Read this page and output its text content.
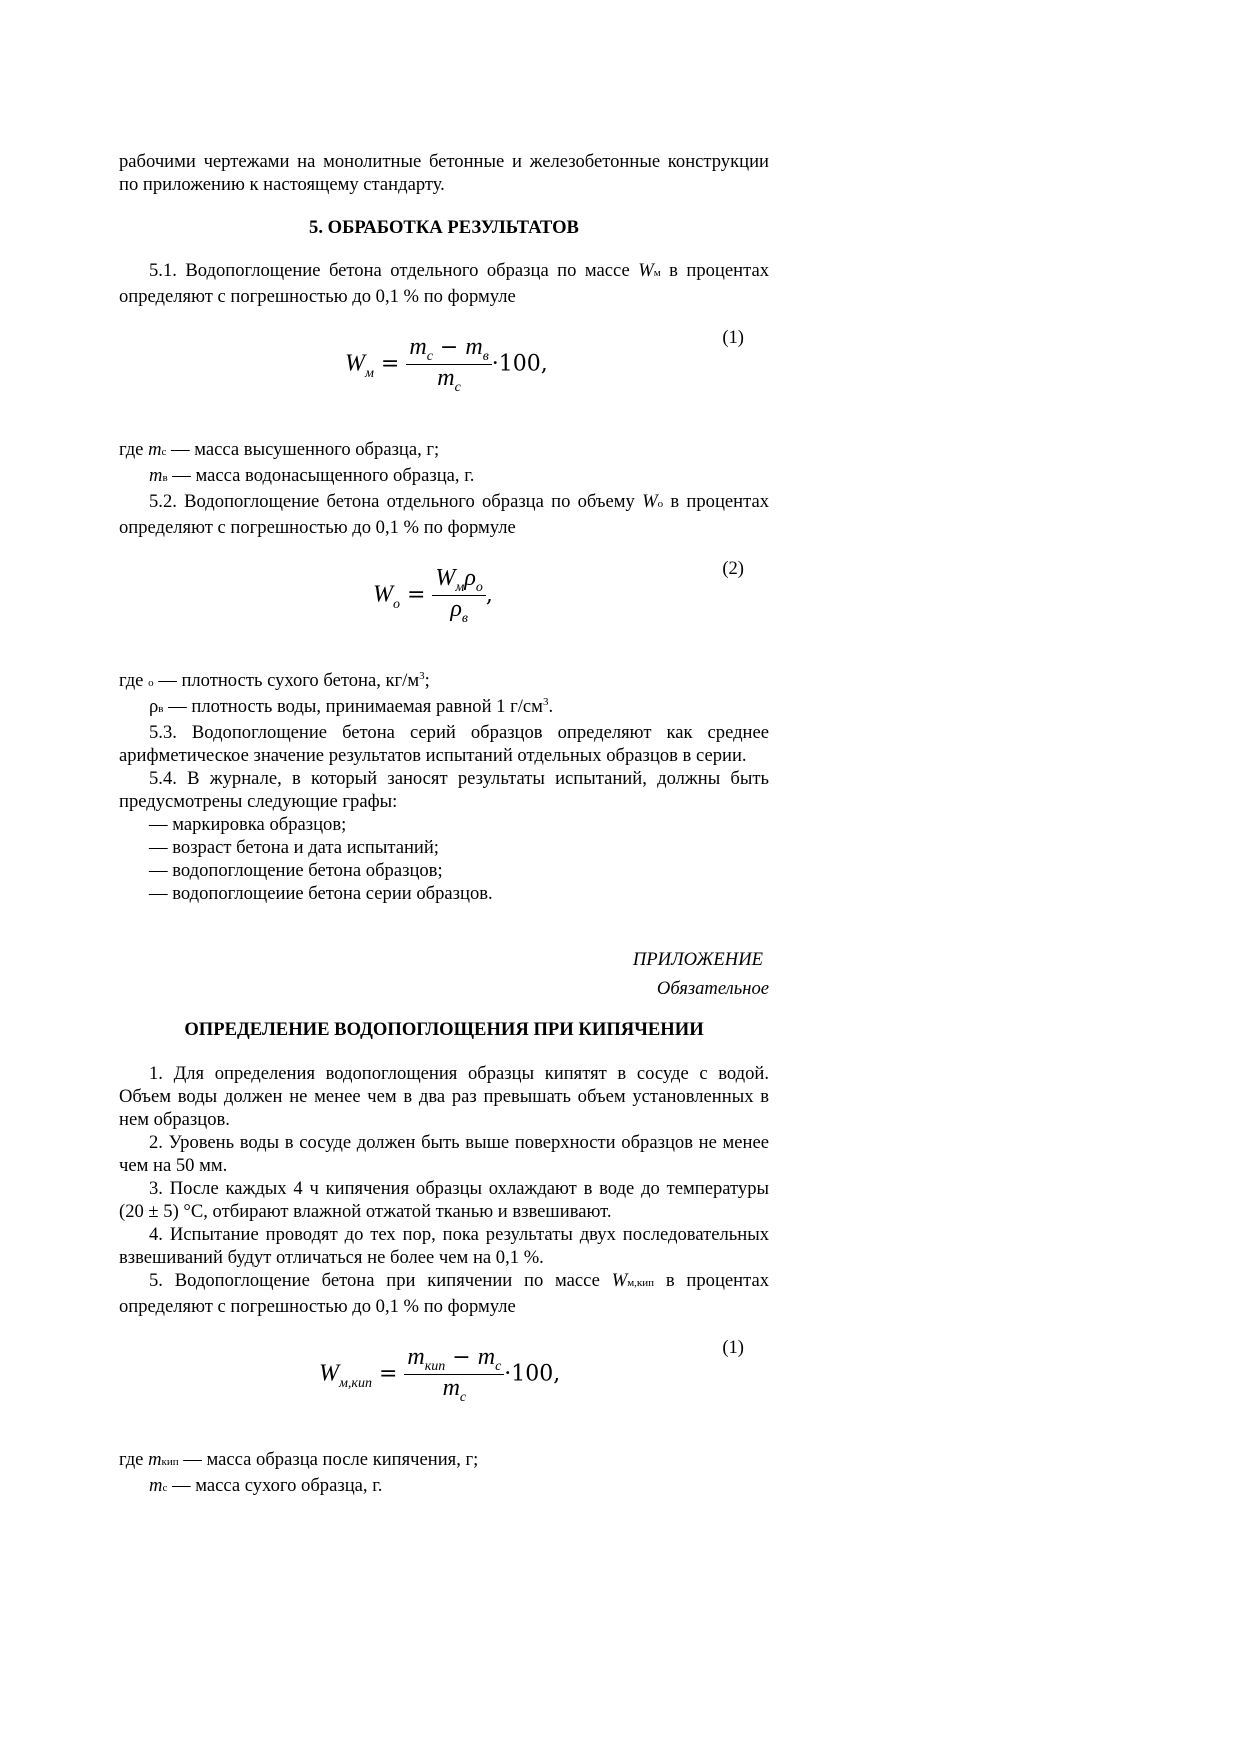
рабочими чертежами на монолитные бетонные и железобетонные конструкции по приложению к настоящему стандарту.

5. ОБРАБОТКА РЕЗУЛЬТАТОВ

5.1. Водопоглощение бетона отдельного образца по массе Wм в процентах определяют с погрешностью до 0,1 % по формуле

(1)
$W_м = \frac{m_с - m_в}{m_с} \cdot 100$,

где mс — масса высушенного образца, г;

mв — масса водонасыщенного образца, г.

5.2. Водопоглощение бетона отдельного образца по объему Wо в процентах определяют с погрешностью до 0,1 % по формуле

(2)
$W_о = \frac{W_м\rho_о}{\rho_в}$ ,

где о — плотность сухого бетона, $кг/м^3$;

ρв — плотность воды, принимаемая равной 1 $г/см^3$.

5.3. Водопоглощение бетона серий образцов определяют как среднее арифметическое значение результатов испытаний отдельных образцов в серии.

5.4. В журнале, в который заносят результаты испытаний, должны быть предусмотрены следующие графы:

— маркировка образцов;

— возраст бетона и дата испытаний;

— водопоглощение бетона образцов;

— водопоглощеиие бетона серии образцов.

ПРИЛОЖЕНИЕ

Обязательное

ОПРЕДЕЛЕНИЕ ВОДОПОГЛОЩЕНИЯ ПРИ КИПЯЧЕНИИ

1. Для определения водопоглощения образцы кипятят в сосуде с водой. Объем воды должен не менее чем в два раз превышать объем установленных в нем образцов.

2. Уровень воды в сосуде должен быть выше поверхности образцов не менее чем на 50 мм.

3. После каждых 4 ч кипячения образцы охлаждают в воде до температуры (20 ± 5) °С, отбирают влажной отжатой тканью и взвешивают.

4. Испытание проводят до тех пор, пока результаты двух последовательных взвешиваний будут отличаться не более чем на 0,1 %.

5. Водопоглощение бетона при кипячении по массе Wм,кип в процентах определяют с погрешностью до 0,1 % по формуле

(1)
$W_{м,кип} = \frac{m_{кип} - m_с}{m_с} \cdot 100$,

где mкип — масса образца после кипячения, г;

mс — масса сухого образца, г.
